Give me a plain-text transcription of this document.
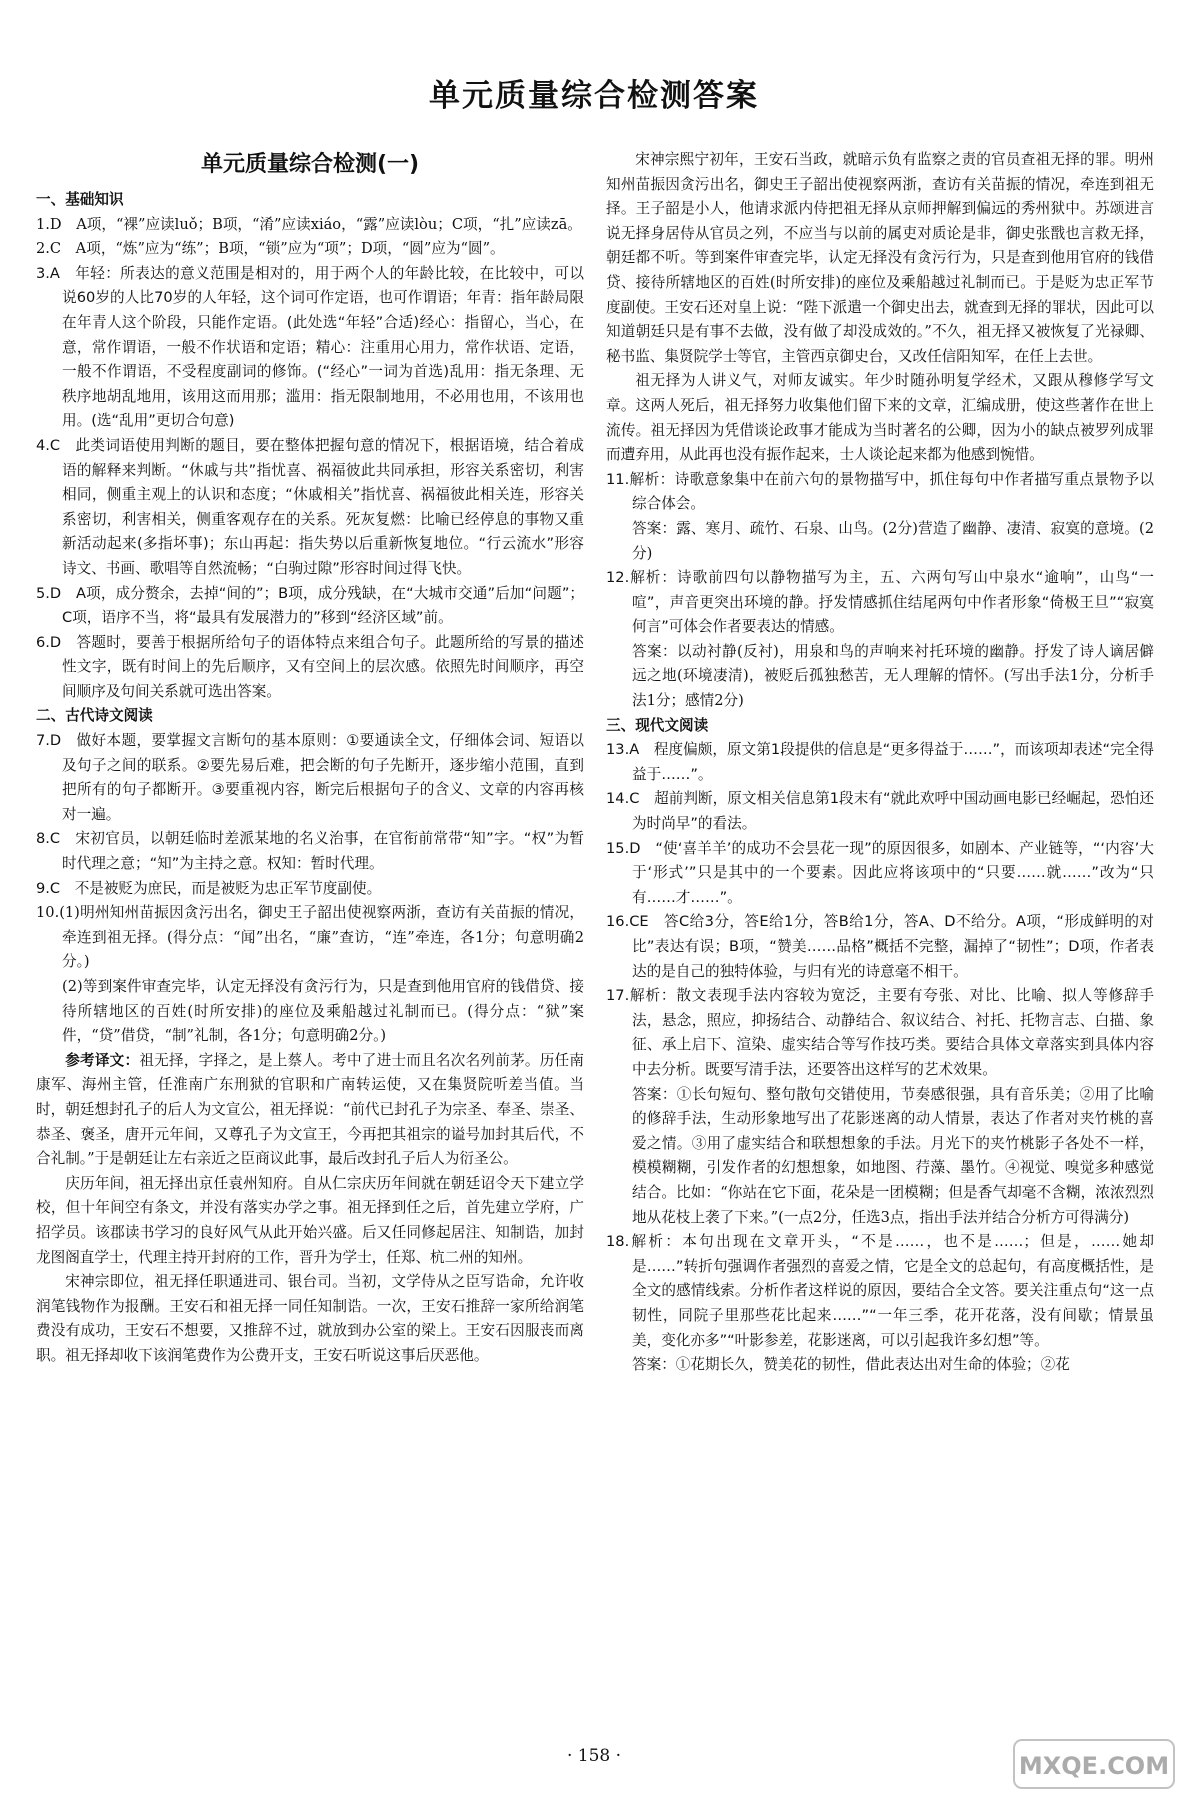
单元质量综合检测答案
单元质量综合检测(一)

一、基础知识

1.D　A项，“裸”应读luǒ；B项，“淆”应读xiáo，“露”应读lòu；C项，“扎”应读zā。

2.C　A项，“炼”应为“练”；B项，“锁”应为“项”；D项，“圆”应为“圆”。

3.A　年轻：所表达的意义范围是相对的，用于两个人的年龄比较，在比较中，可以说60岁的人比70岁的人年轻，这个词可作定语，也可作谓语；年青：指年龄局限在年青人这个阶段，只能作定语。(此处选“年轻”合适)经心：指留心，当心，在意，常作谓语，一般不作状语和定语；精心：注重用心用力，常作状语、定语，一般不作谓语，不受程度副词的修饰。(“经心”一词为首选)乱用：指无条理、无秩序地胡乱地用，该用这而用那；滥用：指无限制地用，不必用也用，不该用也用。(选“乱用”更切合句意)

4.C　此类词语使用判断的题目，要在整体把握句意的情况下，根据语境，结合着成语的解释来判断。“休戚与共”指忧喜、祸福彼此共同承担，形容关系密切，利害相同，侧重主观上的认识和态度；“休戚相关”指忧喜、祸福彼此相关连，形容关系密切，利害相关，侧重客观存在的关系。死灰复燃：比喻已经停息的事物又重新活动起来(多指坏事)；东山再起：指失势以后重新恢复地位。“行云流水”形容诗文、书画、歌唱等自然流畅；“白驹过隙”形容时间过得飞快。

5.D　A项，成分赘余，去掉“间的”；B项，成分残缺，在“大城市交通”后加“问题”；C项，语序不当，将“最具有发展潜力的”移到“经济区域”前。

6.D　答题时，要善于根据所给句子的语体特点来组合句子。此题所给的写景的描述性文字，既有时间上的先后顺序，又有空间上的层次感。依照先时间顺序，再空间顺序及句间关系就可选出答案。

二、古代诗文阅读

7.D　做好本题，要掌握文言断句的基本原则：①要通读全文，仔细体会词、短语以及句子之间的联系。②要先易后难，把会断的句子先断开，逐步缩小范围，直到把所有的句子都断开。③要重视内容，断完后根据句子的含义、文章的内容再核对一遍。

8.C　宋初官员，以朝廷临时差派某地的名义治事，在官衔前常带“知”字。“权”为暂时代理之意；“知”为主持之意。权知：暂时代理。

9.C　不是被贬为庶民，而是被贬为忠正军节度副使。

10.(1)明州知州苗振因贪污出名，御史王子韶出使视察两浙，查访有关苗振的情况，牵连到祖无择。(得分点：“闻”出名，“廉”查访，“连”牵连，各1分；句意明确2分。)

(2)等到案件审查完毕，认定无择没有贪污行为，只是查到他用官府的钱借贷、接待所辖地区的百姓(时所安排)的座位及乘船越过礼制而已。(得分点：“狱”案件，“贷”借贷，“制”礼制，各1分；句意明确2分。)

参考译文：祖无择，字择之，是上蔡人。考中了进士而且名次名列前茅。历任南康军、海州主管，任淮南广东刑狱的官职和广南转运使，又在集贤院听差当值。当时，朝廷想封孔子的后人为文宣公，祖无择说：“前代已封孔子为宗圣、奉圣、崇圣、恭圣、褒圣，唐开元年间，又尊孔子为文宣王，今再把其祖宗的谥号加封其后代，不合礼制。”于是朝廷让左右亲近之臣商议此事，最后改封孔子后人为衍圣公。

庆历年间，祖无择出京任袁州知府。自从仁宗庆历年间就在朝廷诏令天下建立学校，但十年间空有条文，并没有落实办学之事。祖无择到任之后，首先建立学府，广招学员。该郡读书学习的良好风气从此开始兴盛。后又任同修起居注、知制诰，加封龙图阁直学士，代理主持开封府的工作，晋升为学士，任郑、杭二州的知州。

宋神宗即位，祖无择任职通进司、银台司。当初，文学侍从之臣写诰命，允许收润笔钱物作为报酬。王安石和祖无择一同任知制诰。一次，王安石推辞一家所给润笔费没有成功，王安石不想要，又推辞不过，就放到办公室的梁上。王安石因服丧而离职。祖无择却收下该润笔费作为公费开支，王安石听说这事后厌恶他。

宋神宗熙宁初年，王安石当政，就暗示负有监察之责的官员查祖无择的罪。明州知州苗振因贪污出名，御史王子韶出使视察两浙，查访有关苗振的情况，牵连到祖无择。王子韶是小人，他请求派内侍把祖无择从京师押解到偏远的秀州狱中。苏颂进言说无择身居侍从官员之列，不应当与以前的属吏对质论是非，御史张戬也言救无择，朝廷都不听。等到案件审查完毕，认定无择没有贪污行为，只是查到他用官府的钱借贷、接待所辖地区的百姓(时所安排)的座位及乘船越过礼制而已。于是贬为忠正军节度副使。王安石还对皇上说：“陛下派遣一个御史出去，就查到无择的罪状，因此可以知道朝廷只是有事不去做，没有做了却没成效的。”不久，祖无择又被恢复了光禄卿、秘书监、集贤院学士等官，主管西京御史台，又改任信阳知军，在任上去世。

祖无择为人讲义气，对师友诚实。年少时随孙明复学经术，又跟从穆修学写文章。这两人死后，祖无择努力收集他们留下来的文章，汇编成册，使这些著作在世上流传。祖无择因为凭借谈论政事才能成为当时著名的公卿，因为小的缺点被罗列成罪而遭弃用，从此再也没有振作起来，士人谈论起来都为他感到惋惜。

11.解析：诗歌意象集中在前六句的景物描写中，抓住每句中作者描写重点景物予以综合体会。

答案：露、寒月、疏竹、石泉、山鸟。(2分)营造了幽静、凄清、寂寞的意境。(2分)

12.解析：诗歌前四句以静物描写为主，五、六两句写山中泉水“逾响”，山鸟“一喧”，声音更突出环境的静。抒发情感抓住结尾两句中作者形象“倚极王旦”“寂寞何言”可体会作者要表达的情感。

答案：以动衬静(反衬)，用泉和鸟的声响来衬托环境的幽静。抒发了诗人谪居僻远之地(环境凄清)，被贬后孤独愁苦，无人理解的情怀。(写出手法1分，分析手法1分；感情2分)

三、现代文阅读

13.A　程度偏颇，原文第1段提供的信息是“更多得益于……”，而该项却表述“完全得益于……”。

14.C　超前判断，原文相关信息第1段末有“就此欢呼中国动画电影已经崛起，恐怕还为时尚早”的看法。

15.D　“使‘喜羊羊’的成功不会昙花一现”的原因很多，如剧本、产业链等，“‘内容’大于‘形式’”只是其中的一个要素。因此应将该项中的“只要……就……”改为“只有……才……”。

16.CE　答C给3分，答E给1分，答B给1分，答A、D不给分。A项，“形成鲜明的对比”表达有误；B项，“赞美……品格”概括不完整，漏掉了“韧性”；D项，作者表达的是自己的独特体验，与归有光的诗意毫不相干。

17.解析：散文表现手法内容较为宽泛，主要有夸张、对比、比喻、拟人等修辞手法，悬念，照应，抑扬结合、动静结合、叙议结合、衬托、托物言志、白描、象征、承上启下、渲染、虚实结合等写作技巧类。要结合具体文章落实到具体内容中去分析。既要写清手法，还要答出这样写的艺术效果。

答案：①长句短句、整句散句交错使用，节奏感很强，具有音乐美；②用了比喻的修辞手法，生动形象地写出了花影迷离的动人情景，表达了作者对夹竹桃的喜爱之情。③用了虚实结合和联想想象的手法。月光下的夹竹桃影子各处不一样，模模糊糊，引发作者的幻想想象，如地图、荇藻、墨竹。④视觉、嗅觉多种感觉结合。比如：“你站在它下面，花朵是一团模糊；但是香气却毫不含糊，浓浓烈烈地从花枝上袭了下来。”(一点2分，任选3点，指出手法并结合分析方可得满分)

18.解析：本句出现在文章开头，“不是……，也不是……；但是，……她却是……”转折句强调作者强烈的喜爱之情，它是全文的总起句，有高度概括性，是全文的感情线索。分析作者这样说的原因，要结合全文答。要关注重点句“这一点韧性，同院子里那些花比起来……”“一年三季，花开花落，没有间歇；情景虽美，变化亦多”“叶影参差，花影迷离，可以引起我许多幻想”等。

答案：①花期长久，赞美花的韧性，借此表达出对生命的体验；②花

· 158 ·	MXQE.COM
